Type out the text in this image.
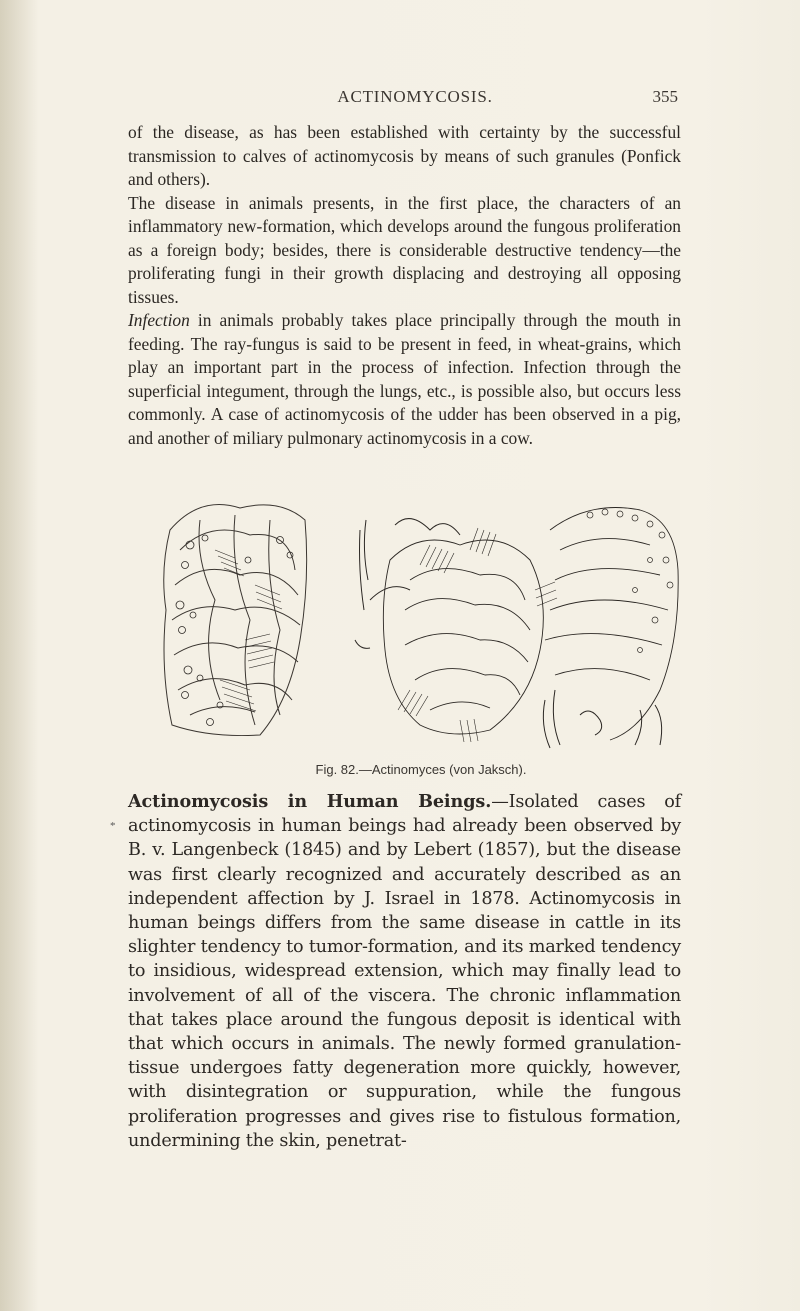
ACTINOMYCOSIS.	355

of the disease, as has been established with certainty by the successful transmission to calves of actinomycosis by means of such granules (Ponfick and others).

The disease in animals presents, in the first place, the characters of an inflammatory new-formation, which develops around the fungous proliferation as a foreign body; besides, there is considerable destructive tendency—the proliferating fungi in their growth displacing and destroying all opposing tissues.

Infection in animals probably takes place principally through the mouth in feeding. The ray-fungus is said to be present in feed, in wheat-grains, which play an important part in the process of infection. Infection through the superficial integument, through the lungs, etc., is possible also, but occurs less commonly. A case of actinomycosis of the udder has been observed in a pig, and another of miliary pulmonary actinomycosis in a cow.

Fig. 82.—Actinomyces (von Jaksch).
*

Actinomycosis in Human Beings.—Isolated cases of actinomycosis in human beings had already been observed by B. v. Langenbeck (1845) and by Lebert (1857), but the disease was first clearly recognized and accurately described as an independent affection by J. Israel in 1878. Actinomycosis in human beings differs from the same disease in cattle in its slighter tendency to tumor-formation, and its marked tendency to insidious, widespread extension, which may finally lead to involvement of all of the viscera. The chronic inflammation that takes place around the fungous deposit is identical with that which occurs in animals. The newly formed granulation-tissue undergoes fatty degeneration more quickly, however, with disintegration or suppuration, while the fungous proliferation progresses and gives rise to fistulous formation, undermining the skin, penetrat-
